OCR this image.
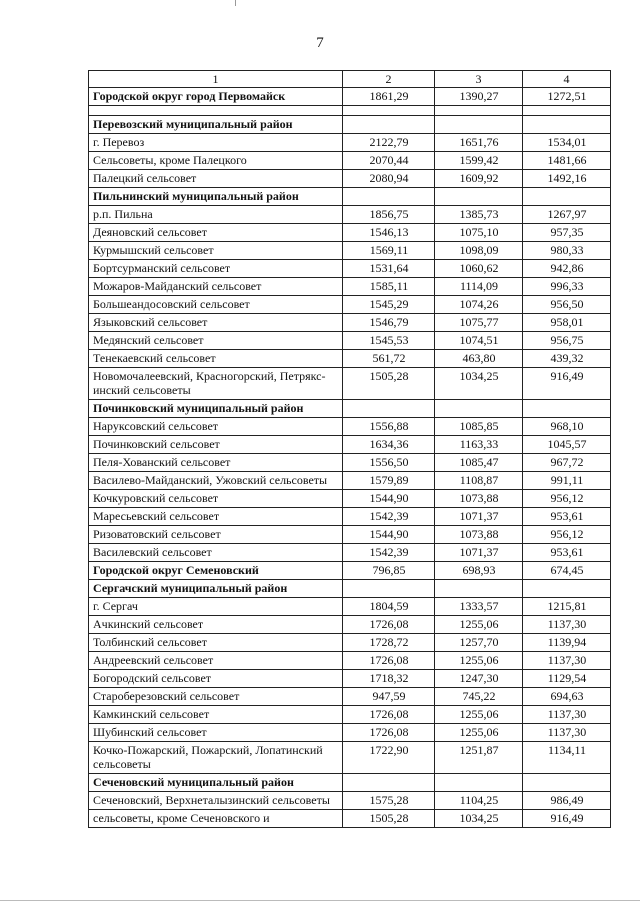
7
1	2	3	4
Городской округ город Первомайск	1861,29	1390,27	1272,51

Перевозский муниципальный район			
г. Перевоз	2122,79	1651,76	1534,01
Сельсоветы, кроме Палецкого	2070,44	1599,42	1481,66
Палецкий сельсовет	2080,94	1609,92	1492,16
Пильнинский муниципальный район			
р.п. Пильна	1856,75	1385,73	1267,97
Деяновский сельсовет	1546,13	1075,10	957,35
Курмышский сельсовет	1569,11	1098,09	980,33
Бортсурманский сельсовет	1531,64	1060,62	942,86
Можаров-Майданский сельсовет	1585,11	1114,09	996,33
Большеандосовский сельсовет	1545,29	1074,26	956,50
Языковский сельсовет	1546,79	1075,77	958,01
Медянский сельсовет	1545,53	1074,51	956,75
Тенекаевский сельсовет	561,72	463,80	439,32
Новомочалеевский, Красногорский, Петряксинский сельсоветы	1505,28	1034,25	916,49
Починковский муниципальный район			
Наруксовский сельсовет	1556,88	1085,85	968,10
Починковский сельсовет	1634,36	1163,33	1045,57
Пеля-Хованский сельсовет	1556,50	1085,47	967,72
Василево-Майданский, Ужовский сельсоветы	1579,89	1108,87	991,11
Кочкуровский сельсовет	1544,90	1073,88	956,12
Маресьевский сельсовет	1542,39	1071,37	953,61
Ризоватовский сельсовет	1544,90	1073,88	956,12
Василевский сельсовет	1542,39	1071,37	953,61
Городской округ Семеновский	796,85	698,93	674,45
Сергачский муниципальный район			
г. Сергач	1804,59	1333,57	1215,81
Ачкинский сельсовет	1726,08	1255,06	1137,30
Толбинский сельсовет	1728,72	1257,70	1139,94
Андреевский сельсовет	1726,08	1255,06	1137,30
Богородский сельсовет	1718,32	1247,30	1129,54
Староберезовский сельсовет	947,59	745,22	694,63
Камкинский сельсовет	1726,08	1255,06	1137,30
Шубинский сельсовет	1726,08	1255,06	1137,30
Кочко-Пожарский, Пожарский, Лопатинский сельсоветы	1722,90	1251,87	1134,11
Сеченовский муниципальный район			
Сеченовский, Верхнеталызинский сельсоветы	1575,28	1104,25	986,49
сельсоветы, кроме Сеченовского и	1505,28	1034,25	916,49
